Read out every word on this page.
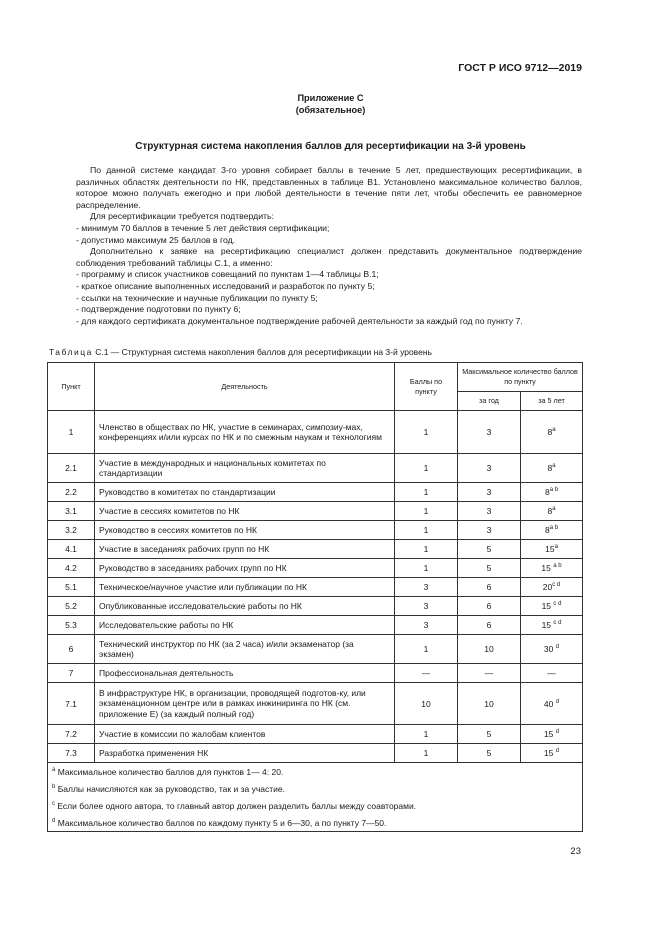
ГОСТ Р ИСО 9712—2019
Приложение C
(обязательное)
Структурная система накопления баллов для ресертификации на 3-й уровень

По данной системе кандидат 3-го уровня собирает баллы в течение 5 лет, предшествующих ресертификации, в различных областях деятельности по НК, представленных в таблице В1. Установлено максимальное количество баллов, которое можно получать ежегодно и при любой деятельности в течение пяти лет, чтобы обеспечить ее равномерное распределение.

Для ресертификации требуется подтвердить:

- минимум 70 баллов в течение 5 лет действия сертификации;
- допустимо максимум 25 баллов в год.

Дополнительно к заявке на ресертификацию специалист должен представить документальное подтверждение соблюдения требований таблицы С.1, а именно:

- программу и список участников совещаний по пунктам 1—4 таблицы В.1;
- краткое описание выполненных исследований и разработок по пункту 5;
- ссылки на технические и научные публикации по пункту 5;
- подтверждение подготовки по пункту 6;
- для каждого сертификата документальное подтверждение рабочей деятельности за каждый год по пункту 7.
Таблица С.1 — Структурная система накопления баллов для ресертификации на 3-й уровень
Пункт	Деятельность	Баллы по пункту	Максимальное количество баллов по пункту	
			за год	за 5 лет
1	Членство в обществах по НК, участие в семинарах, симпозиу-мах, конференциях и/или курсах по НК и по смежным наукам и технологиям	1	3	8$^a$
2.1	Участие в международных и национальных комитетах по стандартизации	1	3	8$^a$
2.2	Руководство в комитетах по стандартизации	1	3	$8^{a b}$
3.1	Участие в сессиях комитетов по НК	1	3	8$^a$
3.2	Руководство в сессиях комитетов по НК	1	3	$8^{a b}$
4.1	Участие в заседаниях рабочих групп по НК	1	5	15$^a$
4.2	Руководство в заседаниях рабочих групп по НК	1	5	15 $^{a b}$
5.1	Техническое/научное участие или публикации по НК	3	6	$20^{c d}$
5.2	Опубликованные исследовательские работы по НК	3	6	15 $^{c d}$
5.3	Исследовательские работы по НК	3	6	15 $^{c d}$
6	Технический инструктор по НК (за 2 часа) и/или экзаменатор (за экзамен)	1	10	30 $^d$
7	Профессиональная деятельность	—	—	—
7.1	В инфраструктуре НК, в организации, проводящей подготов-ку, или экзаменационном центре или в рамках инжиниринга по НК (см. приложение Е) (за каждый полный год)	10	10	40 $^d$
7.2	Участие в комиссии по жалобам клиентов	1	5	15 $^d$
7.3	Разработка применения НК	1	5	15 $^d$

$^a$ Максимальное количество баллов для пунктов 1— 4: 20.
$^b$ Баллы начисляются как за руководство, так и за участие.
$^c$ Если более одного автора, то главный автор должен разделить баллы между соавторами.
$^d$ Максимальное количество баллов по каждому пункту 5 и 6—30, а по пункту 7—50.				
23
